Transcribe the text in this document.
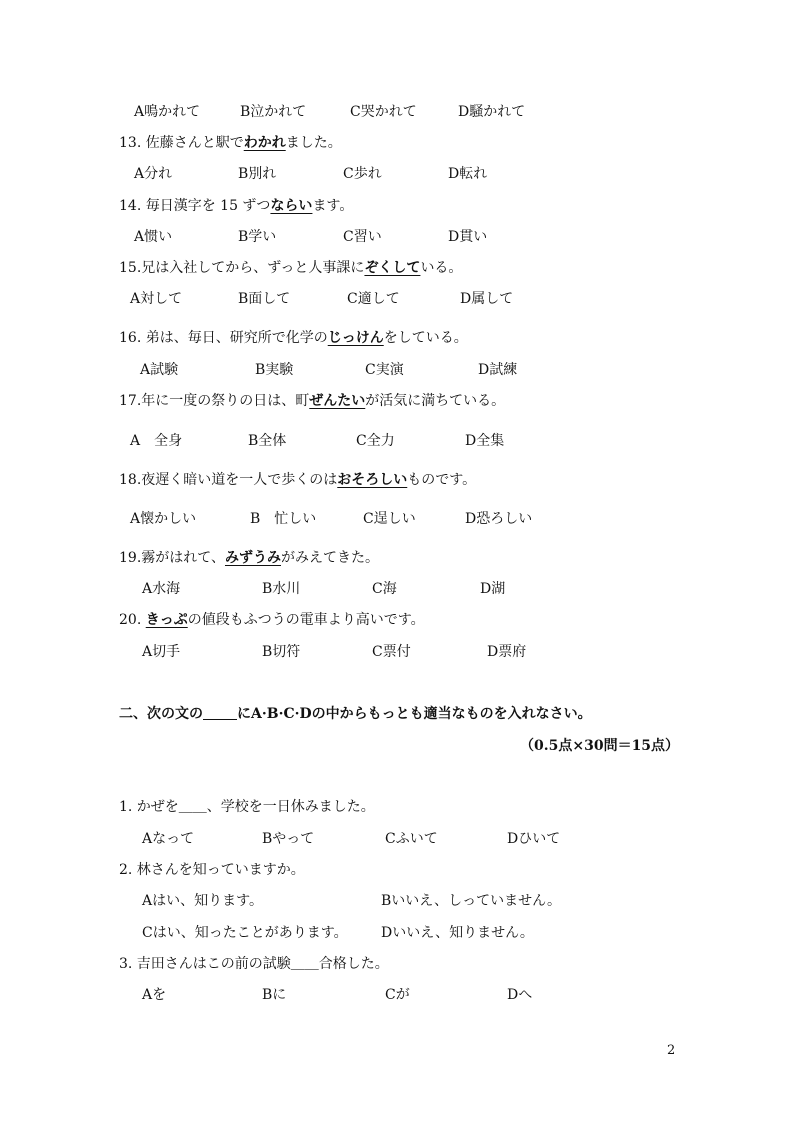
A鳴かれて	B泣かれて	C哭かれて	D騒かれて
13. 佐藤さんと駅でわかれました。
A分れ	B別れ	C歩れ	D転れ
14. 毎日漢字を 15 ずつならいます。
A惯い	B学い	C習い	D貫い
15.兄は入社してから、ずっと人事課にぞくしている。
A対して	B面して	C適して	D属して
16. 弟は、毎日、研究所で化学のじっけんをしている。
A試験	B実験	C実演	D試練
17.年に一度の祭りの日は、町ぜんたいが活気に満ちている。
A　全身	B全体	C全力	D全集
18.夜遅く暗い道を一人で歩くのはおそろしいものです。
A懐かしい	B　忙しい	C逞しい	D恐ろしい
19.霧がはれて、みずうみがみえてきた。
A水海	B水川	C海	D湖
20. きっぷの値段もふつうの電車より高いです。
A切手	B切符	C票付	D票府
二、次の文の にA·B·C·Dの中からもっとも適当なものを入れなさい。
（0.5点×30問＝15点）
1. かぜを＿＿、学校を一日休みました。
Aなって	Bやって	Cふいて	Dひいて
2. 林さんを知っていますか。
Aはい、知ります。	Bいいえ、しっていません。
Cはい、知ったことがあります。 Dいいえ、知りません。
3. 吉田さんはこの前の試験＿＿合格した。
Aを	Bに	Cが	Dへ
2
